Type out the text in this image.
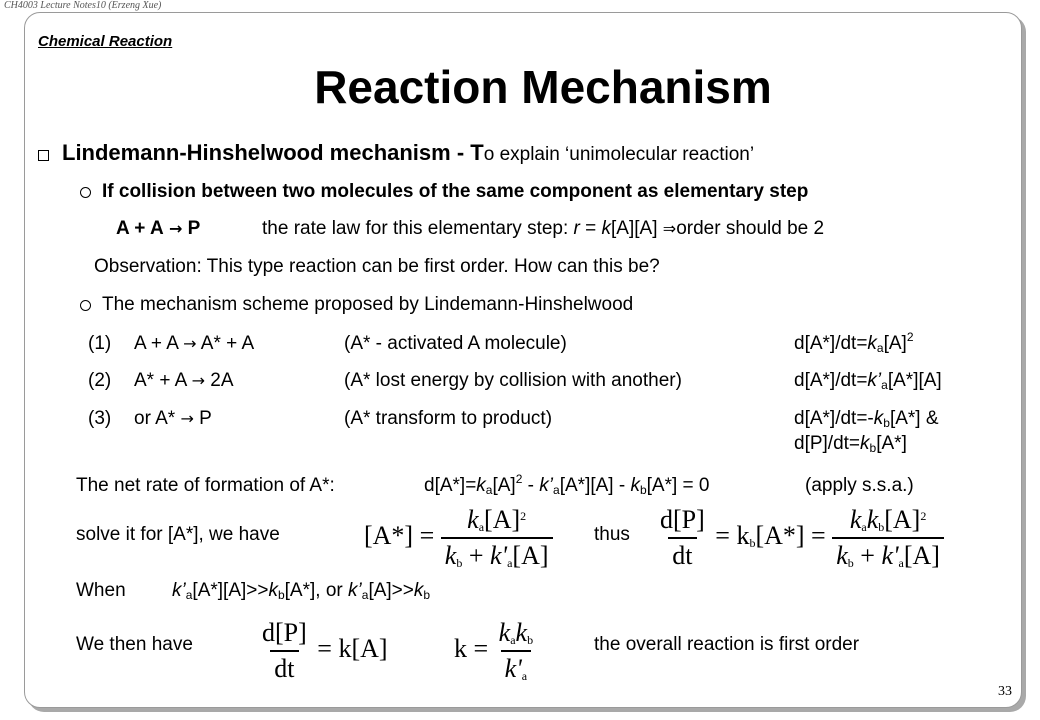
CH4003 Lecture Notes10 (Erzeng Xue)
Chemical Reaction
Reaction Mechanism
Lindemann-Hinshelwood mechanism - To explain ‘unimolecular reaction’
If collision between two molecules of the same component as elementary step
A + A → P	the rate law for this elementary step: r = k[A][A] ⇒order should be 2
Observation: This type reaction can be first order. How can this be?
The mechanism scheme proposed by Lindemann-Hinshelwood
(1) A + A → A* + A	(A* - activated A molecule)	$d[A*]/dt=k_a[A]^2$
(2) A* + A → 2A	(A* lost energy by collision with another)	$d[A*]/dt=k’_a[A*][A]$
(3) or A* → P	(A* transform to product)	$d[A*]/dt=-k_b[A*]$ &
$d[P]/dt=k_b[A*]$
The net rate of formation of A*:	$d[A*]=k_a[A]^2$ - $k’_a[A*][A] - k_b[A*] = 0$	(apply s.s.a.)
solve it for [A*], we have	$[A*] = \frac{k_a[A]^2}{k_b + k'_a[A]}$ thus $\frac{d[P]}{dt} = k_b[A*] = \frac{k_ak_b[A]^2}{k_b + k'_a[A]}$
When $k’_a[A*][A]>>k_b[A*]$, or $k’_a[A]>>k_b$
We then have	$\frac{d[P]}{dt} = k[A]$	$k = \frac{k_ak_b}{k'_a}$	the overall reaction is first order
33
